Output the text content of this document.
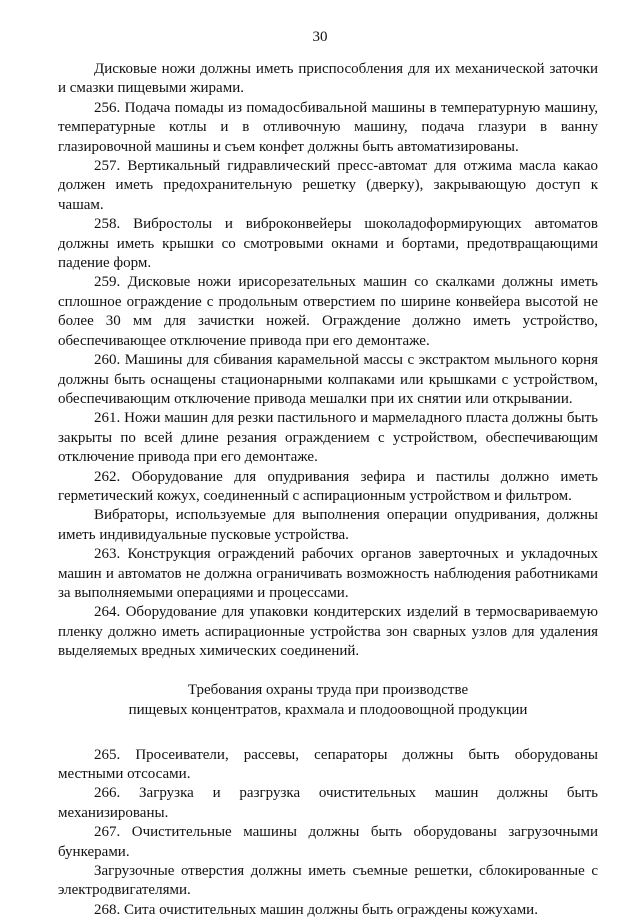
30

Дисковые ножи должны иметь приспособления для их механической заточки и смазки пищевыми жирами.

256. Подача помады из помадосбивальной машины в температурную машину, температурные котлы и в отливочную машину, подача глазури в ванну глазировочной машины и съем конфет должны быть автоматизированы.

257. Вертикальный гидравлический пресс-автомат для отжима масла какао должен иметь предохранительную решетку (дверку), закрывающую доступ к чашам.

258. Вибростолы и виброконвейеры шоколадоформирующих автоматов должны иметь крышки со смотровыми окнами и бортами, предотвращающими падение форм.

259. Дисковые ножи ирисорезательных машин со скалками должны иметь сплошное ограждение с продольным отверстием по ширине конвейера высотой не более 30 мм для зачистки ножей. Ограждение должно иметь устройство, обеспечивающее отключение привода при его демонтаже.

260. Машины для сбивания карамельной массы с экстрактом мыльного корня должны быть оснащены стационарными колпаками или крышками с устройством, обеспечивающим отключение привода мешалки при их снятии или открывании.

261. Ножи машин для резки пастильного и мармеладного пласта должны быть закрыты по всей длине резания ограждением с устройством, обеспечивающим отключение привода при его демонтаже.

262. Оборудование для опудривания зефира и пастилы должно иметь герметический кожух, соединенный с аспирационным устройством и фильтром.

Вибраторы, используемые для выполнения операции опудривания, должны иметь индивидуальные пусковые устройства.

263. Конструкция ограждений рабочих органов заверточных и укладочных машин и автоматов не должна ограничивать возможность наблюдения работниками за выполняемыми операциями и процессами.

264. Оборудование для упаковки кондитерских изделий в термосвариваемую пленку должно иметь аспирационные устройства зон сварных узлов для удаления выделяемых вредных химических соединений.

Требования охраны труда при производстве
пищевых концентратов, крахмала и плодоовощной продукции

265. Просеиватели, рассевы, сепараторы должны быть оборудованы местными отсосами.

266. Загрузка и разгрузка очистительных машин должны быть механизированы.

267. Очистительные машины должны быть оборудованы загрузочными бункерами.

Загрузочные отверстия должны иметь съемные решетки, сблокированные с электродвигателями.

268. Сита очистительных машин должны быть ограждены кожухами.
